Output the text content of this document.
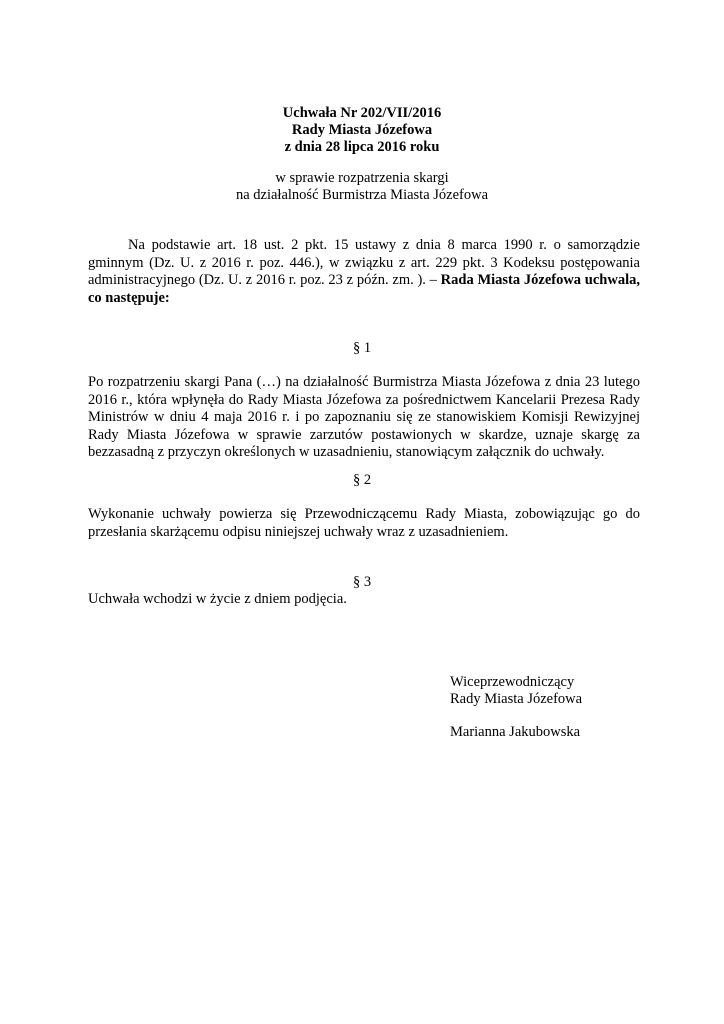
Uchwała Nr 202/VII/2016
Rady Miasta Józefowa
z dnia 28 lipca 2016 roku
w sprawie rozpatrzenia skargi
na działalność Burmistrza Miasta Józefowa
Na podstawie art. 18 ust. 2 pkt. 15 ustawy z dnia 8 marca 1990 r. o samorządzie gminnym (Dz. U. z 2016 r. poz. 446.), w związku z art. 229 pkt. 3 Kodeksu postępowania administracyjnego (Dz. U. z 2016 r. poz. 23 z późn. zm. ). – Rada Miasta Józefowa uchwala, co następuje:
§ 1
Po rozpatrzeniu skargi Pana (…) na działalność Burmistrza Miasta Józefowa z dnia 23 lutego 2016 r., która wpłynęła do Rady Miasta Józefowa za pośrednictwem Kancelarii Prezesa Rady Ministrów w dniu 4 maja 2016 r. i po zapoznaniu się ze stanowiskiem Komisji Rewizyjnej Rady Miasta Józefowa w sprawie zarzutów postawionych w skardze, uznaje skargę za bezzasadną z przyczyn określonych w uzasadnieniu, stanowiącym załącznik do uchwały.
§ 2
Wykonanie uchwały powierza się Przewodniczącemu Rady Miasta, zobowiązując go do przesłania skarżącemu odpisu niniejszej uchwały wraz z uzasadnieniem.
§ 3
Uchwała wchodzi w życie z dniem podjęcia.
Wiceprzewodniczący
Rady Miasta Józefowa
Marianna Jakubowska
